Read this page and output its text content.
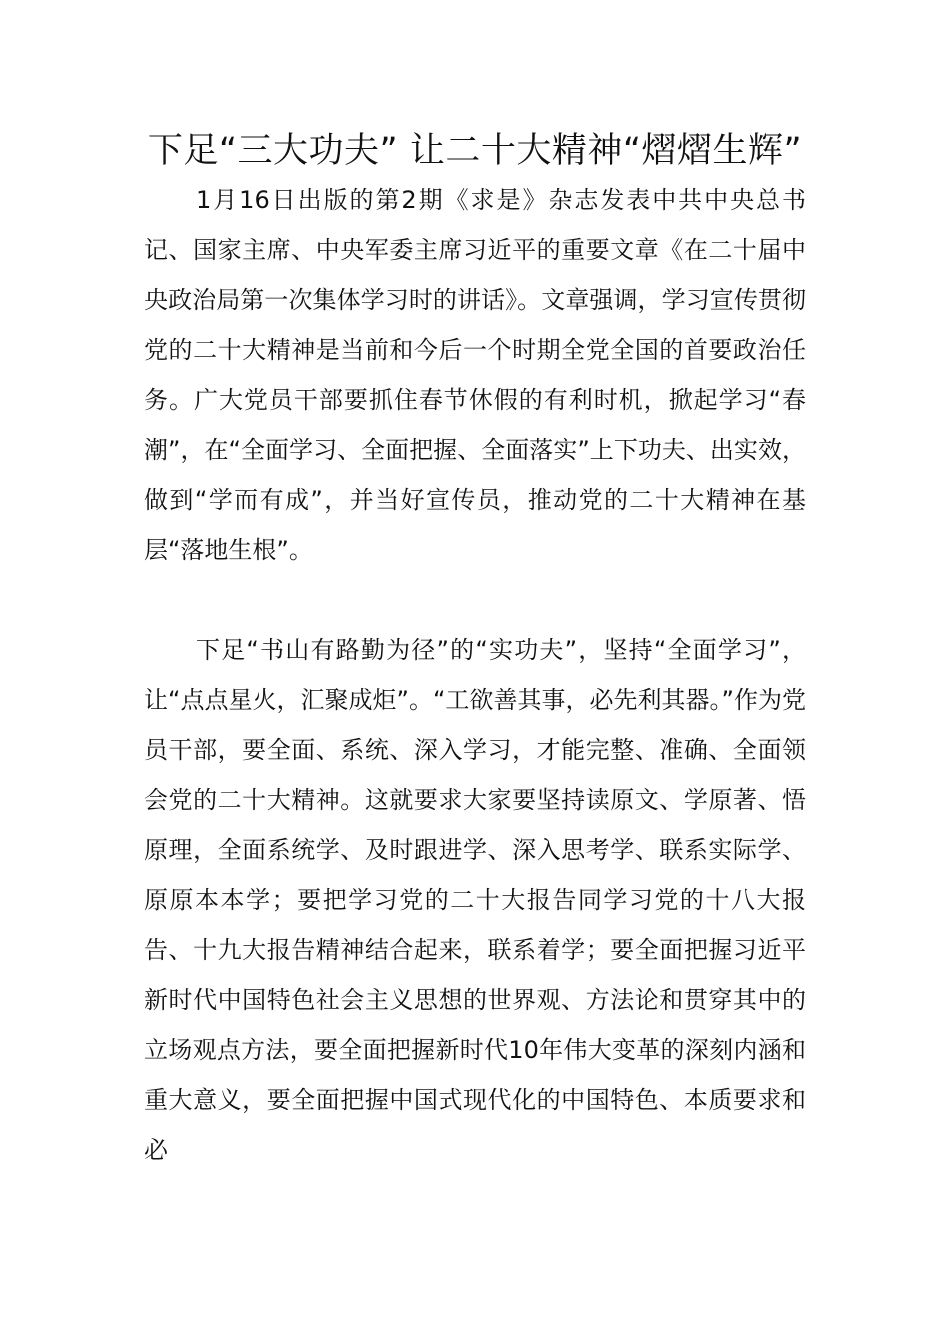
下足“三大功夫” 让二十大精神“熠熠生辉”

1月16日出版的第2期《求是》杂志发表中共中央总书记、国家主席、中央军委主席习近平的重要文章《在二十届中央政治局第一次集体学习时的讲话》。文章强调，学习宣传贯彻党的二十大精神是当前和今后一个时期全党全国的首要政治任务。广大党员干部要抓住春节休假的有利时机，掀起学习“春潮”，在“全面学习、全面把握、全面落实”上下功夫、出实效，做到“学而有成”，并当好宣传员，推动党的二十大精神在基层“落地生根”。

下足“书山有路勤为径”的“实功夫”，坚持“全面学习”，让“点点星火，汇聚成炬”。“工欲善其事，必先利其器。”作为党员干部，要全面、系统、深入学习，才能完整、准确、全面领会党的二十大精神。这就要求大家要坚持读原文、学原著、悟原理，全面系统学、及时跟进学、深入思考学、联系实际学、原原本本学；要把学习党的二十大报告同学习党的十八大报告、十九大报告精神结合起来，联系着学；要全面把握习近平新时代中国特色社会主义思想的世界观、方法论和贯穿其中的立场观点方法，要全面把握新时代10年伟大变革的深刻内涵和重大意义，要全面把握中国式现代化的中国特色、本质要求和必
